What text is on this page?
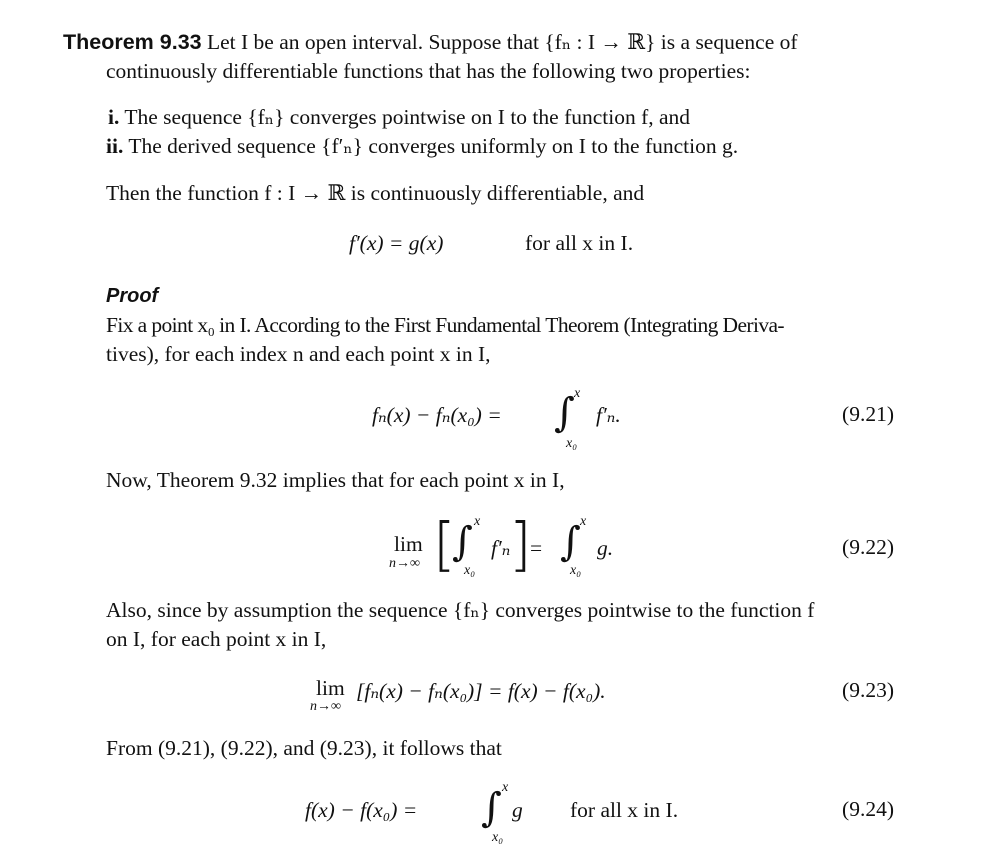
Theorem 9.33 Let I be an open interval. Suppose that {fₙ : I → ℝ} is a sequence of
continuously differentiable functions that has the following two properties:
i. The sequence {fₙ} converges pointwise on I to the function f, and
ii. The derived sequence {f′ₙ} converges uniformly on I to the function g.
Then the function f : I → ℝ is continuously differentiable, and
f′(x) = g(x)	for all x in I.
Proof
Fix a point x₀ in I. According to the First Fundamental Theorem (Integrating Deriva-
tives), for each index n and each point x in I,
fₙ(x) − fₙ(x₀) = ∫ x
x₀
f′ₙ.	(9.21)
Now, Theorem 9.32 implies that for each point x in I,
lim
n→∞ [
∫ x
x₀
f′ₙ
]
= ∫ x
x₀
g.	(9.22)
Also, since by assumption the sequence {fₙ} converges pointwise to the function f
on I, for each point x in I,
lim
n→∞
[fₙ(x) − fₙ(x₀)] = f(x) − f(x₀).	(9.23)
From (9.21), (9.22), and (9.23), it follows that
f(x) − f(x₀) = ∫ x
x₀
g for all x in I.	(9.24)
